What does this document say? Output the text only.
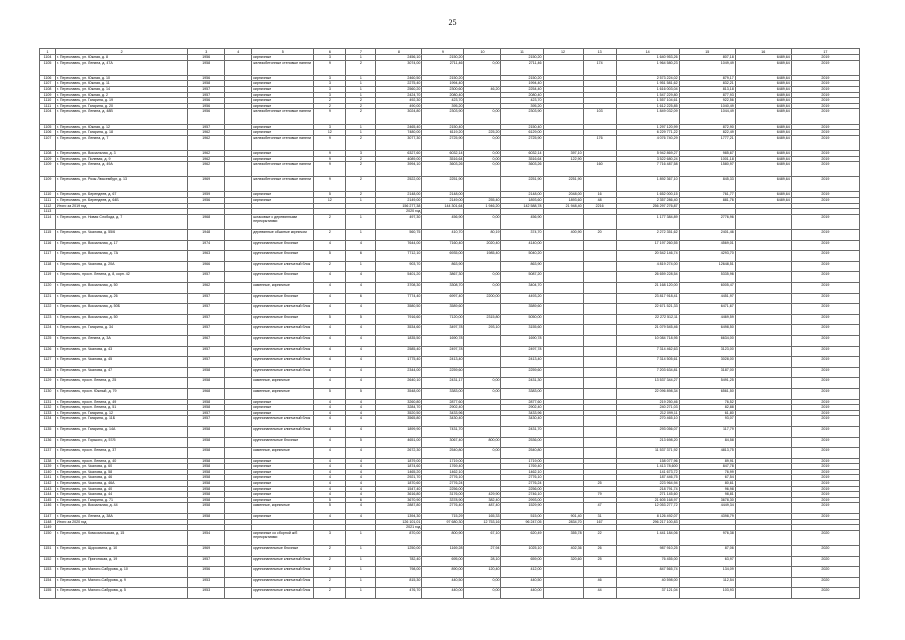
25
1	2	3	4	5	6	7	8	9	10	11	12	13	14	15	16	17
1104	г. Переславль, ул. Южная, д. 8	1956		кирпичные	3	1	2456,10	2150,20		2150,20			1 640 953,26	807,18	6489,64	2019
1105	г. Переславль, ул. Ленина, д. 47А	1958		железобетонные стеновые панели	9	2	3074,00	2711,46	0,00	2711,46		174	1 964 580,23	1049,49	6489,64	2019
1106	г. Переславль, ул. Южная, д. 10	1956		кирпичные	3	1	2460,50	2150,20		2150,20			2 573 224,02	879,17	6489,64	2019
1107	г. Переславль, ул. Южная, д. 11	1958		кирпичные	3	1	2275,40	1994,40		1994,40			1 951 581,62	832,21	6489,64	2019
1108	г. Переславль, ул. Южная, д. 14	1957		кирпичные	3	1	2560,20	2300,60	46,20	2254,40			1 616 003,04	813,18	6489,64	2019
1109	г. Переславль, ул. Южная, д. 2	1957		кирпичные	3	1	2424,70	2080,40		2080,40			1 547 229,80	877,93	6489,64	2019
1110	г. Переславль, ул. Гагарина, д. 19	1956		кирпичные	2	2	492,30	423,70		423,70			1 557 104,61	922,56	6489,64	2019
1111	г. Переславль, ул. Гагарина, д. 20	1956		кирпичные	2	2	490,00	395,20		395,20			1 612 225,85	1040,49	6489,64	2019
1104	г. Переславль, ул. Ленина, д. 48В	1956		железобетонные стеновые панели	9	2	3024,80	2303,90	0,00	2303,90		103	1 849 032,09	1044,49	6489,64	2019
1105	г. Переславль, ул. Южная, д. 12	1957		кирпичные	3	1	2465,40	2150,40		2150,40			1 297 120,99	872,90	6489,64	2019
1106	г. Переславль, ул. Гагарина, д. 18	1962		кирпичные	12	1	7480,00	6119,20	225,20	6129,00			6 229 771,22	822,49	6489,64	2019
1107	г. Переславль, ул. Ленина, д. 7	1962		железобетонные стеновые панели	9	2	3077,30	2725,90	0,00	2725,90		176	4 076 740,29	1777,21	6489,64	2019
1108	г. Переславль, ул. Вокзальная, д. 3	1962		кирпичные	9	3	6327,60	6032,14	0,00	6032,14	397,10		5 942 869,27	985,67	6489,64	2019
1109	г. Переславль, ул. Полевая, д. 9	1962		кирпичные	9	2	4089,00	3516,64	0,00	3516,64	122,90		3 522 680,24	1001,18	6489,64	2019
1109	г. Переславль, ул. Ленина, д. 49А	1962		железобетонные стеновые панели	9	2	3994,10	3603,26	0,00	3603,26		160	7 716 487,58	1580,97	6489,64	2019
1109	г. Переславль, ул. Розы Люксембург, д. 13	1969		железобетонные стеновые панели	9	2	2522,00	2251,90		2251,90	2251,90		1 892 367,10	845,33	6489,64	2019
1110	г. Переславль, ул. Берендеев, д. 67	1959		кирпичные	5	2	2148,00	2148,00		2148,00	2048,00	16	1 652 000,15	761,77	6489,64	2019
1111	г. Переславль, ул. Берендеев, д. 64Б	1956		кирпичные	12	1	2149,00	2149,00	255,40	1893,60	1893,60	48	2 357 286,40	881,76	6489,64	2019
1112	Итого за 2019 год						156 277,38	144 301,64	1 946,20	142 588,78	21 948,40	2216	256 297 276,87			
1113							2020 год									
1114	г. Переславль, ул. Новая Слобода, д. 7	1968		шлаковые с деревянными перекрытиями	2	1	497,30	456,90	0,00	456,90			1 177 384,89	2776,96		2019
1115	г. Переславль, ул. Чкалова, д. 55/6	1948		деревянные обшитые кирпичом	2	1	560,75	410,70	80,19	374,70	400,90	20	2 272 351,62	2401,46		2019
1116	г. Переславль, ул. Вокзальная, д. 17	1974		крупнопанельные блочные	4	4	7644,00	7160,40	2020,40	4140,00			17 197 260,55	4569,01		2019
1117	г. Переславль, ул. Вокзальная, д. 7А	1963		крупнопанельные блочные	5	6	7712,10	6935,00	1985,40	5040,20			20 542 146,74	4293,70		2019
1118	г. Переславль, ул. Чкалова, д. 20А	1966		крупнопанельные клинчатый блок	2	1	903,70	863,90		863,90			4 819 274,00	12648,51		2019
1119	г. Переславль, просп. Ленина, д. 8, корп. 42	1957		крупнопанельные блочные	4	4	5401,20	3867,30	0,00	5087,20			26 659 228,54	5335,96		2019
1120	г. Переславль, ул. Вокзальная, д. 50	1962		каменные, кирпичные	4	4	3708,30	3308,70	0,00	3404,70			21 168 120,00	6005,47		2019
1121	г. Переславль, ул. Вокзальная, д. 26	1957		крупнопанельные блочные	4	6	7774,40	6997,40	2200,00	4493,20			23 817 918,41	4451,97		2019
1122	г. Переславль, ул. Вокзальная, д. 50Б	1957		крупнопанельные клинчатый блок	4	4	3580,50	3589,60		3589,60			22 671 521,33	6471,67		2019
1123	г. Переславль, ул. Вокзальная, д. 50	1957		крупнопанельные блочные	5	5	7916,60	7120,00	2315,80	5050,00			22 272 512,11	4469,59		2019
1124	г. Переславль, ул. Гагарина, д. 34	1957		крупнопанельные клинчатый блок	4	4	3534,60	3497,78	293,10	3155,60			21 079 545,46	6498,50		2019
1125	г. Переславль, ул. Ленина, д. 3А	1967		крупнопанельные клинчатый блок	4	4	1835,50	1690,78		1690,78			10 084 718,95	6634,00		2019
1126	г. Переславль, ул. Чкалова, д. 43	1957		крупнопанельные клинчатый блок	4	4	2585,40	2497,78		2497,78			7 314 462,63	3123,00		2019
1127	г. Переславль, ул. Чкалова, д. 45	1957		крупнопанельные клинчатый блок	4	4	1775,40	2413,40		2413,40			7 314 505,61	3028,00		2019
1128	г. Переславль, ул. Чкалова, д. 47	1958		крупнопанельные клинчатый блок	4	4	2344,00	2259,60		2259,60			7 203 634,81	3187,00		2019
1129	г. Переславль, просп. Ленина, д. 25	1958		каменные, кирпичные	4	4	2640,10	2431,17	0,00	2431,30			13 537 344,27	5491,25		2019
1130	г. Переславль, просп. Южный, д. 79	1968		каменные, кирпичные	5	5	3548,00	3383,00	0,00	3383,00			22 096 898,34	6561,50		2019
1131	г. Переславль, просп. Ленина, д. 49	1958		кирпичные	4	4	3260,80	2877,60		2877,60			219 250,46	76,52		2019
1132	г. Переславль, просп. Ленина, д. 51	1958		кирпичные	4	4	3284,70	2902,40		2902,40			240 271,03	82,88		2019
1133	г. Переславль, ул. Гагарина, д. 12	1957		кирпичные	4	4	3520,50	3433,96		3433,96			212 099,11	61,80		2019
1134	г. Переславль, ул. Гагарина, д. 11Б	1957		крупнопанельные клинчатый блок	4	4	3565,80	3430,40		3430,40			270 465,10	93,07		2019
1135	г. Переславль, ул. Гагарина, д. 14А	1958		крупнопанельные клинчатый блок	4	4	1899,90	7431,70		2431,70			293 056,07	117,79		2019
1136	г. Переславль, ул. Горького, д. 57/5	1958		крупнопанельные блочные	4	5	4651,00	3067,40	800,00	2536,00			213 698,20	84,58		2019
1137	г. Переславль, просп. Ленина, д. 37	1958		каменные, кирпичные	4	4	2672,30	2540,80	0,00	2540,80			11 537 371,92	4813,75		2019
1138	г. Переславль, просп. Ленина, д. 40	1958		кирпичные	4	4	1879,00	1719,00		1719,00			158 077,96	89,91		2019
1139	г. Переславль, ул. Чкалова, д. 60	1958		кирпичные	4	4	1874,60	1769,40		1769,40			1 413 78,600	847,78		2019
1140	г. Переславль, ул. Чкалова, д. 58	1958		кирпичные	4	4	1465,20	1462,10		1462,10			141 673,72	76,99		2019
1141	г. Переславль, ул. Чкалова, д. 46	1958		кирпичные	4	4	2921,70	2776,10		2776,10			187 446,75	67,54		2019
1142	г. Переславль, ул. Чкалова, д. 46А	1958		кирпичные	4	4	1870,60	2776,24		2776,24		25	223 964,94	80,61		2019
1143	г. Переславль, ул. Чкалова, д. 40	1958		кирпичные	4	4	1547,40	2256,00		2256,00			218 791,74	96,98		2019
1144	г. Переславль, ул. Чкалова, д. 44	1958		кирпичные	4	4	3616,80	3176,00	429,90	2746,10		79	271 145,60	98,81		2019
1145	г. Переславль, ул. Гагарина, д. 71	1958		кирпичные	5	6	3670,90	3378,90	382,40	2993,00			21 605 168,97	3678,30		2019
1146	г. Переславль, ул. Вокзальная, д. 44	1958		каменные, кирпичные	5	4	2887,80	2776,40	487,40	1529,90		47	12 053 277,72	4449,34		2019
1147	г. Переславль, ул. Ленина, д. 38А	1958		кирпичные	4	4	1394,30	715,29	165,33	515,00	901,40	31	8 126 492,07	4398,79		2019
1148	Итого за 2020 год						126 101,01	97 680,30	12 753,16	96 247,05	2834,70	167	296 217 100,83			
1149							2021 год									
1150	г. Переславль, ул. Комсомольская, д. 15	1954		кирпичные со сборной ж/б перекрытиями	3	1	870,00	800,90	67,10	620,49	355,78	22	1 441 184,06	976,38		2020
1151	г. Переславль, ул. Щорсовина, д. 10	1969		крупнопанельные блочные	2	1	1250,00	1169,28	27,94	1025,10	402,36	26	987 910,25	87,06		2020
1152	г. Переславль, ул. Пригонская, д. 19	1957		крупнопанельные клинчатый блок	2	1	782,40	695,00	28,10	659,00	320,60	25	76 455,00	63,97		2020
1153	г. Переславль, ул. Малого-Сабурова, д. 10	1956		крупнопанельные клинчатый блок	2	1	798,00	890,00	120,40	412,00			847 565,74	134,09		2020
1154	г. Переславль, ул. Малого-Сабурова, д. 9	1953		крупнопанельные клинчатый блок	2	1	815,30	440,50	0,00	440,50		46	40 598,00	112,54		2020
1155	г. Переславль, ул. Малого-Сабурова, д. 5	1953		крупнопанельные клинчатый блок	2	1	476,70	440,00	0,00	440,00		44	37 121,04	103,93		2020
